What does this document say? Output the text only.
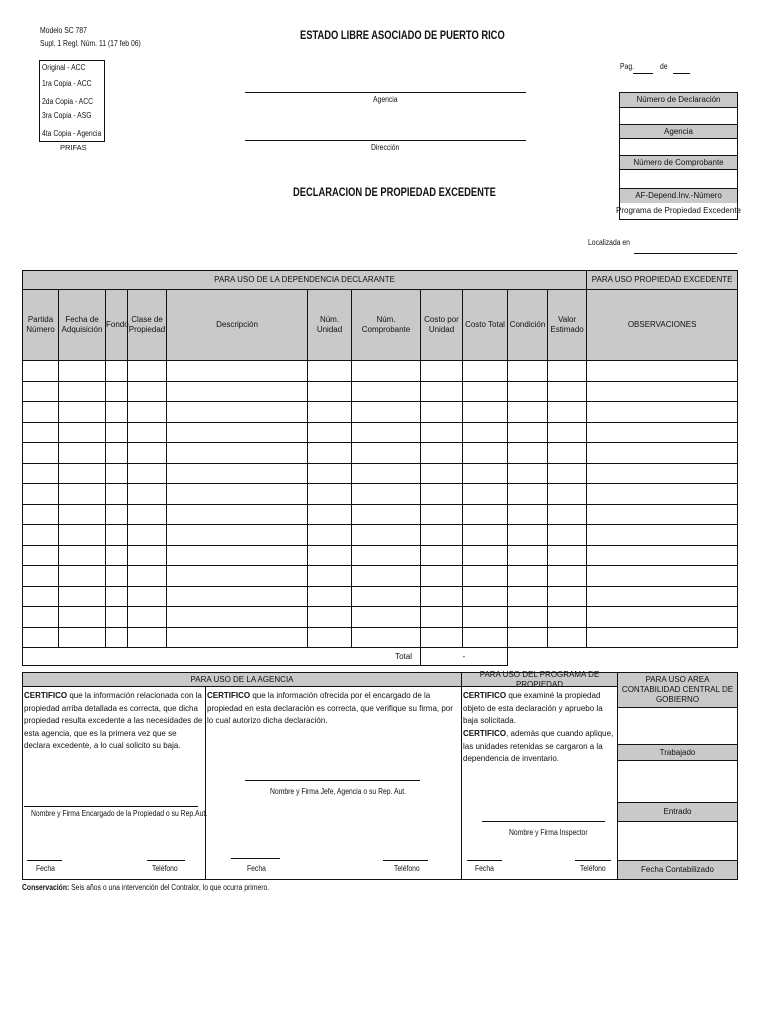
Modelo SC 787
Supl. 1 Regl. Núm. 11 (17 feb 06)
Original - ACC
1ra Copia - ACC
2da Copia - ACC
3ra Copia - ASG
4ta Copia - Agencia
PRIFAS
ESTADO LIBRE ASOCIADO DE PUERTO RICO
Agencia
Dirección
DECLARACION DE PROPIEDAD EXCEDENTE
Pag.	de
Número de Declaración
Agencia
Número de Comprobante
AF-Depend.Inv.-Número
Programa de Propiedad Excedente
Localizada en
PARA USO DE LA DEPENDENCIA DECLARANTE											PARA USO PROPIEDAD EXCEDENTE
Partida Número	Fecha de Adquisición	Fondo	Clase de Propiedad	Descripción	Núm. Unidad	Núm. Comprobante	Costo por Unidad	Costo Total	Condición	Valor Estimado	OBSERVACIONES

Total							-				
PARA USO DE LA AGENCIA
PARA USO DEL PROGRAMA DE PROPIEDAD	PARA USO AREA CONTABILIDAD CENTRAL DE GOBIERNO
CERTIFICO que la información relacionada con la propiedad arriba detallada es correcta, que dicha propiedad resulta excedente a las necesidades de esta agencia, que es la primera vez que se declara excedente, a lo cual solicito su baja.
CERTIFICO que la información ofrecida por el encargado de la propiedad en esta declaración es correcta, que verifique su firma, por lo cual autorizo dicha declaración.
CERTIFICO que examiné la propiedad objeto de esta declaración y apruebo la baja solicitada.
CERTIFICO, además que cuando aplique, las unidades retenidas se cargaron a la dependencia de inventario.
Nombre y Firma Encargado de la Propiedad o su Rep.Aut.
Nombre y Firma Jefe, Agencia o su Rep. Aut.
Nombre y Firma Inspector
Fecha	Teléfono	Fecha	Teléfono	Fecha	Teléfono
Trabajado
Entrado
Fecha Contabilizado
Conservación: Seis años o una intervención del Contralor, lo que ocurra primero.
